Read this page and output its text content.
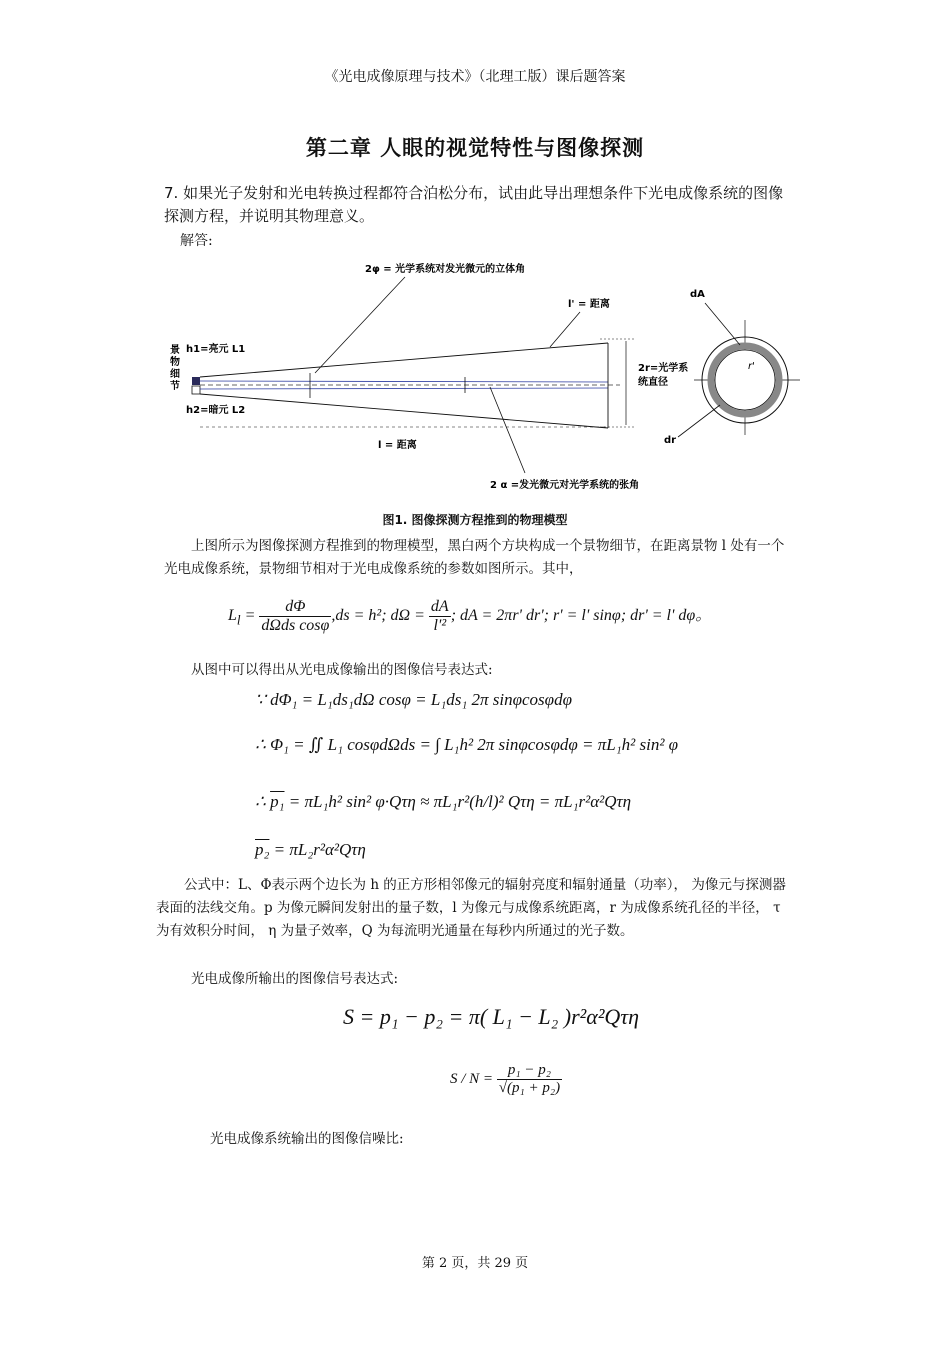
《光电成像原理与技术》（北理工版）课后题答案
第二章 人眼的视觉特性与图像探测
7. 如果光子发射和光电转换过程都符合泊松分布，试由此导出理想条件下光电成像系统的图像探测方程，并说明其物理意义。
解答:
2φ = 光学系统对发光微元的立体角
l' = 距离
景
物
细
节
h1=亮元 L1
h2=暗元 L2
2r=光学系
统直径
l = 距离
2 α =发光微元对光学系统的张角
dA
r'
dr
图1. 图像探测方程推到的物理模型
上图所示为图像探测方程推到的物理模型，黑白两个方块构成一个景物细节，在距离景物 l 处有一个光电成像系统，景物细节相对于光电成像系统的参数如图所示。其中，
$L_l = \frac{d\Phi}{\text{dΩds cosφ}} ,ds = h^2$; $d\Omega = \frac{dA}{\text{l'²}}$ ; dA = 2πr' dr'; r' = l' sinφ; dr' = l' dφ。
从图中可以得出从光电成像输出的图像信号表达式:
∵ dΦ₁ = L₁ds₁dΩ cosφ = L₁ds₁ 2π sinφcosφdφ
∴ Φ₁ = ∬ L₁ cosφdΩds = ∫ L₁h² 2π sinφcosφdφ = πL₁h² sin² φ
∴ p₁ = πL₁h² sin² φ·Qτη ≈ πL₁r²(h/l)² Qτη = πL₁r²α²Qτη
p₂ = πL₂r²α²Qτη
公式中：L、Φ表示两个边长为 h 的正方形相邻像元的辐射亮度和辐射通量（功率）， 为像元与探测器表面的法线交角。p 为像元瞬间发射出的量子数，l 为像元与成像系统距离，r 为成像系统孔径的半径， τ 为有效积分时间， η 为量子效率，Q 为每流明光通量在每秒内所通过的光子数。
光电成像所输出的图像信号表达式:
S = p₁ − p₂ = π( L₁ − L₂ )r²α²Qτη
$S / N = \frac{\text{p₁ − p₂}}{\text{√(p₁ + p₂)}}$
光电成像系统输出的图像信噪比:
第 2 页，共 29 页
